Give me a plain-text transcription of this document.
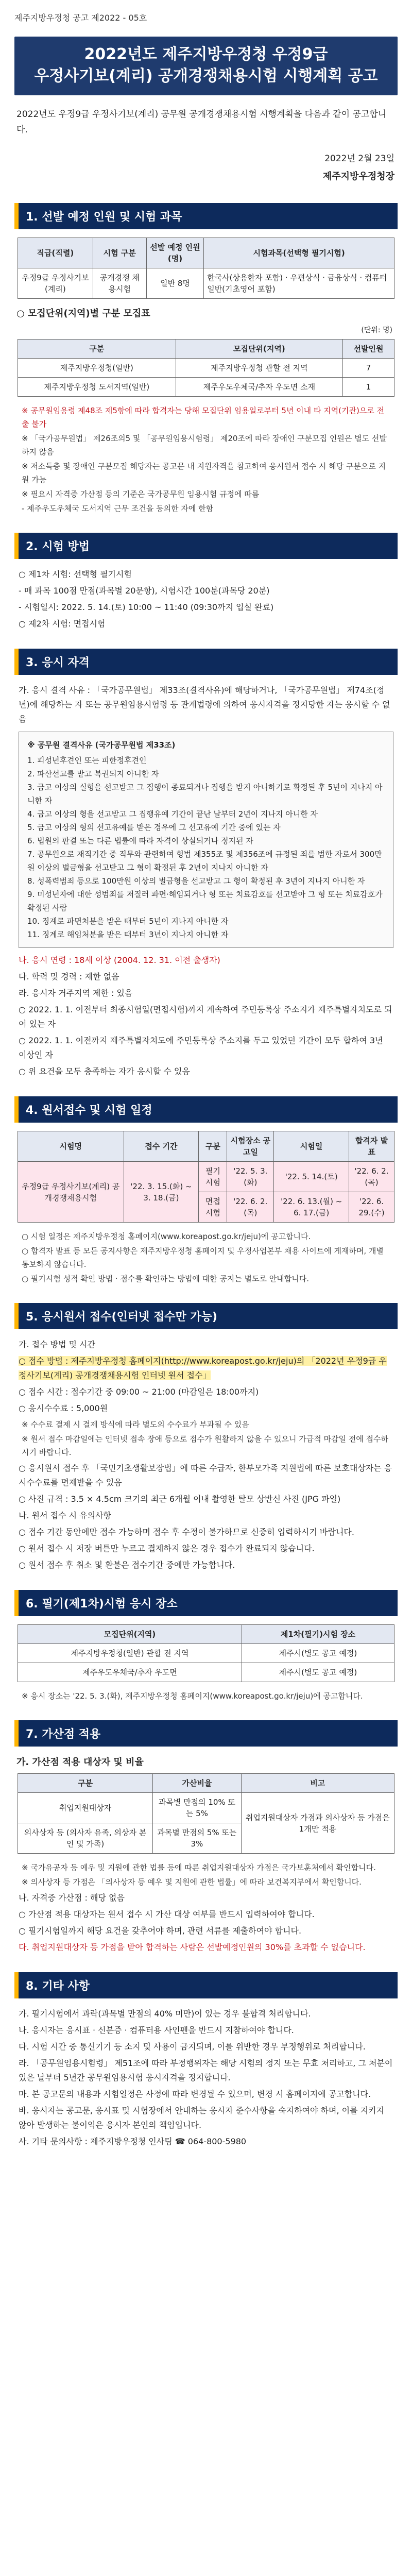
제주지방우정청 공고 제2022 - 05호
2022년도 제주지방우정청 우정9급
우정사기보(계리) 공개경쟁채용시험 시행계획 공고
2022년도 우정9급 우정사기보(계리) 공무원 공개경쟁채용시험 시행계획을 다음과 같이 공고합니다.
2022년 2월 23일
제주지방우정청장
1. 선발 예정 인원 및 시험 과목
직급(직렬)	시험 구분	선발 예정 인원(명)	시험과목(선택형 필기시험)
우정9급 우정사기보 (계리)	공개경쟁 채용시험	일반 8명	한국사(상용한자 포함) · 우편상식 · 금융상식 · 컴퓨터 일반(기초영어 포함)
○ 모집단위(지역)별 구분 모집표
(단위: 명)
구분	모집단위(지역)	선발인원
제주지방우정청(일반)	제주지방우정청 관할 전 지역	7
제주지방우정청 도서지역(일반)	제주우도우체국/추자 우도면 소재	1
※ 공무원임용령 제48조 제5항에 따라 합격자는 당해 모집단위 임용일로부터 5년 이내 타 지역(기관)으로 전출 불가
※ 「국가공무원법」 제26조의5 및 「공무원임용시험령」 제20조에 따라 장애인 구분모집 인원은 별도 선발하지 않음
※ 저소득층 및 장애인 구분모집 해당자는 공고문 내 지원자격을 참고하여 응시원서 접수 시 해당 구분으로 지원 가능
※ 필요시 자격증 가산점 등의 기준은 국가공무원 임용시험 규정에 따름
- 제주우도우체국 도서지역 근무 조건을 동의한 자에 한함
2. 시험 방법
○ 제1차 시험: 선택형 필기시험
- 매 과목 100점 만점(과목별 20문항), 시험시간 100분(과목당 20분)
- 시험일시: 2022. 5. 14.(토) 10:00 ~ 11:40 (09:30까지 입실 완료)
○ 제2차 시험: 면접시험
3. 응시 자격
가. 응시 결격 사유 : 「국가공무원법」 제33조(결격사유)에 해당하거나, 「국가공무원법」 제74조(정년)에 해당하는 자 또는 공무원임용시험령 등 관계법령에 의하여 응시자격을 정지당한 자는 응시할 수 없음
※ 공무원 결격사유 (국가공무원법 제33조)
1. 피성년후견인 또는 피한정후견인
2. 파산선고를 받고 복권되지 아니한 자
3. 금고 이상의 실형을 선고받고 그 집행이 종료되거나 집행을 받지 아니하기로 확정된 후 5년이 지나지 아니한 자
4. 금고 이상의 형을 선고받고 그 집행유예 기간이 끝난 날부터 2년이 지나지 아니한 자
5. 금고 이상의 형의 선고유예를 받은 경우에 그 선고유예 기간 중에 있는 자
6. 법원의 판결 또는 다른 법률에 따라 자격이 상실되거나 정지된 자
7. 공무원으로 재직기간 중 직무와 관련하여 형법 제355조 및 제356조에 규정된 죄를 범한 자로서 300만원 이상의 벌금형을 선고받고 그 형이 확정된 후 2년이 지나지 아니한 자
8. 성폭력범죄 등으로 100만원 이상의 벌금형을 선고받고 그 형이 확정된 후 3년이 지나지 아니한 자
9. 미성년자에 대한 성범죄를 저질러 파면·해임되거나 형 또는 치료감호를 선고받아 그 형 또는 치료감호가 확정된 사람
10. 징계로 파면처분을 받은 때부터 5년이 지나지 아니한 자
11. 징계로 해임처분을 받은 때부터 3년이 지나지 아니한 자
나. 응시 연령 : 18세 이상 (2004. 12. 31. 이전 출생자)
다. 학력 및 경력 : 제한 없음
라. 응시자 거주지역 제한 : 있음
○ 2022. 1. 1. 이전부터 최종시험일(면접시험)까지 계속하여 주민등록상 주소지가 제주특별자치도로 되어 있는 자
○ 2022. 1. 1. 이전까지 제주특별자치도에 주민등록상 주소지를 두고 있었던 기간이 모두 합하여 3년 이상인 자
○ 위 요건을 모두 충족하는 자가 응시할 수 있음
4. 원서접수 및 시험 일정
시험명	접수 기간	구분	시험장소 공고일	시험일	합격자 발표
우정9급 우정사기보(계리) 공개경쟁채용시험	'22. 3. 15.(화) ~ 3. 18.(금)	필기시험	'22. 5. 3.(화)	'22. 5. 14.(토)	'22. 6. 2.(목)
		면접시험	'22. 6. 2.(목)	'22. 6. 13.(월) ~ 6. 17.(금)	'22. 6. 29.(수)
○ 시험 일정은 제주지방우정청 홈페이지(www.koreapost.go.kr/jeju)에 공고합니다.
○ 합격자 발표 등 모든 공지사항은 제주지방우정청 홈페이지 및 우정사업본부 채용 사이트에 게재하며, 개별 통보하지 않습니다.
○ 필기시험 성적 확인 방법 · 점수를 확인하는 방법에 대한 공지는 별도로 안내합니다.
5. 응시원서 접수(인터넷 접수만 가능)
가. 접수 방법 및 시간
○ 접수 방법 : 제주지방우정청 홈페이지(http://www.koreapost.go.kr/jeju)의 「2022년 우정9급 우정사기보(계리) 공개경쟁채용시험 인터넷 원서 접수」
○ 접수 시간 : 접수기간 중 09:00 ~ 21:00 (마감일은 18:00까지)
○ 응시수수료 : 5,000원
※ 수수료 결제 시 결제 방식에 따라 별도의 수수료가 부과될 수 있음
※ 원서 접수 마감일에는 인터넷 접속 장애 등으로 접수가 원활하지 않을 수 있으니 가급적 마감일 전에 접수하시기 바랍니다.
○ 응시원서 접수 후 「국민기초생활보장법」에 따른 수급자, 한부모가족 지원법에 따른 보호대상자는 응시수수료를 면제받을 수 있음
○ 사진 규격 : 3.5 × 4.5cm 크기의 최근 6개월 이내 촬영한 탈모 상반신 사진 (JPG 파일)
나. 원서 접수 시 유의사항
○ 접수 기간 동안에만 접수 가능하며 접수 후 수정이 불가하므로 신중히 입력하시기 바랍니다.
○ 원서 접수 시 저장 버튼만 누르고 결제하지 않은 경우 접수가 완료되지 않습니다.
○ 원서 접수 후 취소 및 환불은 접수기간 중에만 가능합니다.
6. 필기(제1차)시험 응시 장소
모집단위(지역)	제1차(필기)시험 장소
제주지방우정청(일반) 관할 전 지역	제주시(별도 공고 예정)
제주우도우체국/추자 우도면	제주시(별도 공고 예정)
※ 응시 장소는 '22. 5. 3.(화), 제주지방우정청 홈페이지(www.koreapost.go.kr/jeju)에 공고합니다.
7. 가산점 적용
가. 가산점 적용 대상자 및 비율
구분	가산비율	비고
취업지원대상자	과목별 만점의 10% 또는 5%	취업지원대상자 가점과 의사상자 등 가점은 1개만 적용
의사상자 등 (의사자 유족, 의상자 본인 및 가족)	과목별 만점의 5% 또는 3%	
※ 국가유공자 등 예우 및 지원에 관한 법률 등에 따른 취업지원대상자 가점은 국가보훈처에서 확인합니다.
※ 의사상자 등 가점은 「의사상자 등 예우 및 지원에 관한 법률」에 따라 보건복지부에서 확인합니다.
나. 자격증 가산점 : 해당 없음
○ 가산점 적용 대상자는 원서 접수 시 가산 대상 여부를 반드시 입력하여야 합니다.
○ 필기시험일까지 해당 요건을 갖추어야 하며, 관련 서류를 제출하여야 합니다.
다. 취업지원대상자 등 가점을 받아 합격하는 사람은 선발예정인원의 30%를 초과할 수 없습니다.
8. 기타 사항
가. 필기시험에서 과락(과목별 만점의 40% 미만)이 있는 경우 불합격 처리합니다.
나. 응시자는 응시표 · 신분증 · 컴퓨터용 사인펜을 반드시 지참하여야 합니다.
다. 시험 시간 중 통신기기 등 소지 및 사용이 금지되며, 이를 위반한 경우 부정행위로 처리합니다.
라. 「공무원임용시험령」 제51조에 따라 부정행위자는 해당 시험의 정지 또는 무효 처리하고, 그 처분이 있은 날부터 5년간 공무원임용시험 응시자격을 정지합니다.
마. 본 공고문의 내용과 시험일정은 사정에 따라 변경될 수 있으며, 변경 시 홈페이지에 공고합니다.
바. 응시자는 공고문, 응시표 및 시험장에서 안내하는 응시자 준수사항을 숙지하여야 하며, 이를 지키지 않아 발생하는 불이익은 응시자 본인의 책임입니다.
사. 기타 문의사항 : 제주지방우정청 인사팀 ☎ 064-800-5980
